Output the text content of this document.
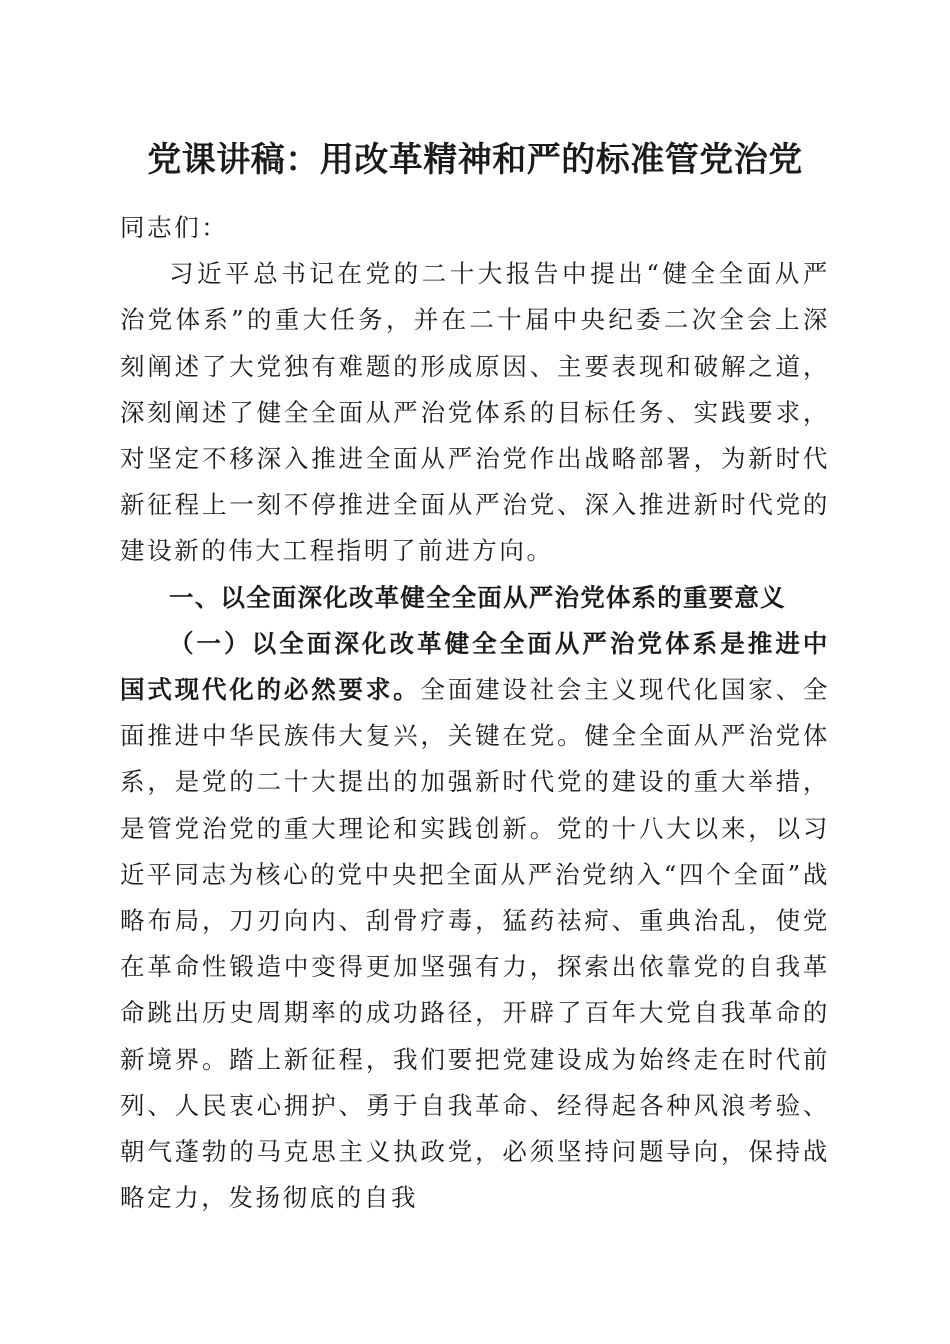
党课讲稿：用改革精神和严的标准管党治党

同志们：

习近平总书记在党的二十大报告中提出“健全全面从严治党体系”的重大任务，并在二十届中央纪委二次全会上深刻阐述了大党独有难题的形成原因、主要表现和破解之道，深刻阐述了健全全面从严治党体系的目标任务、实践要求，对坚定不移深入推进全面从严治党作出战略部署，为新时代新征程上一刻不停推进全面从严治党、深入推进新时代党的建设新的伟大工程指明了前进方向。

一、以全面深化改革健全全面从严治党体系的重要意义

（一）以全面深化改革健全全面从严治党体系是推进中国式现代化的必然要求。全面建设社会主义现代化国家、全面推进中华民族伟大复兴，关键在党。健全全面从严治党体系，是党的二十大提出的加强新时代党的建设的重大举措，是管党治党的重大理论和实践创新。党的十八大以来，以习近平同志为核心的党中央把全面从严治党纳入“四个全面”战略布局，刀刃向内、刮骨疗毒，猛药祛疴、重典治乱，使党在革命性锻造中变得更加坚强有力，探索出依靠党的自我革命跳出历史周期率的成功路径，开辟了百年大党自我革命的新境界。踏上新征程，我们要把党建设成为始终走在时代前列、人民衷心拥护、勇于自我革命、经得起各种风浪考验、朝气蓬勃的马克思主义执政党，必须坚持问题导向，保持战略定力，发扬彻底的自我
